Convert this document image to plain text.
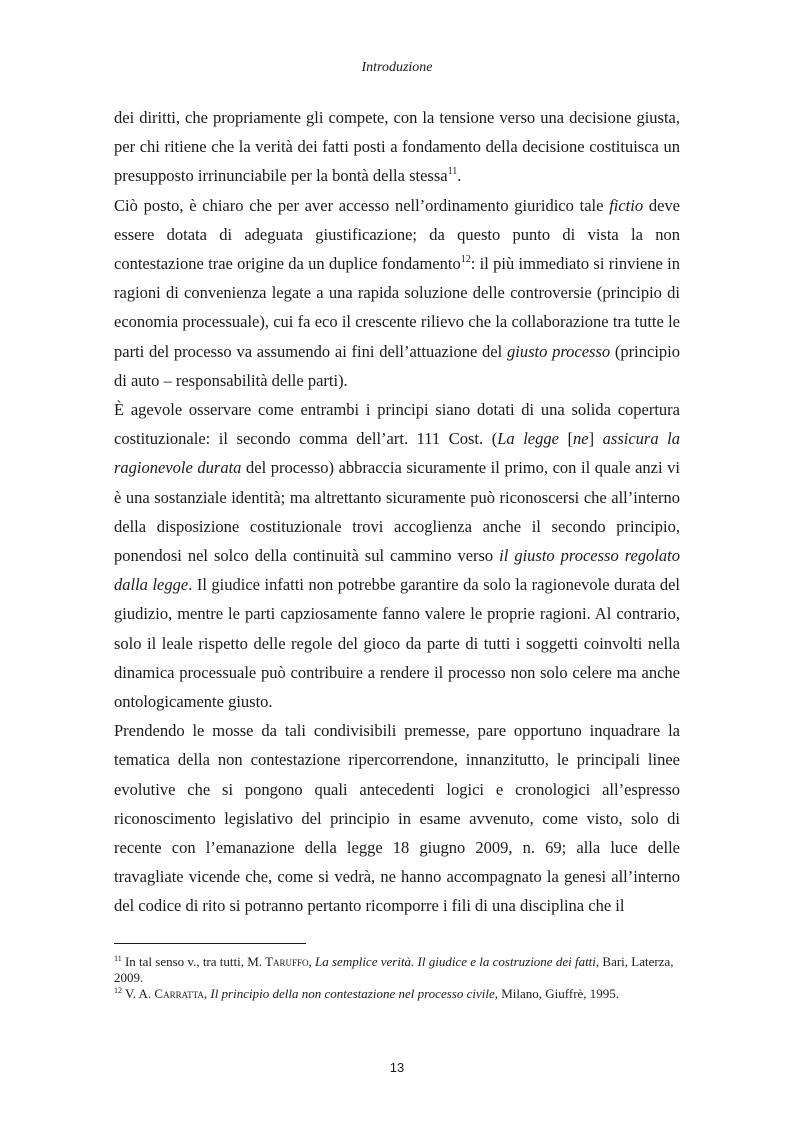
Introduzione

dei diritti, che propriamente gli compete, con la tensione verso una decisione giusta, per chi ritiene che la verità dei fatti posti a fondamento della decisione costituisca un presupposto irrinunciabile per la bontà della stessa$^{11}$.

Ciò posto, è chiaro che per aver accesso nell’ordinamento giuridico tale fictio deve essere dotata di adeguata giustificazione; da questo punto di vista la non contestazione trae origine da un duplice fondamento$^{12}$: il più immediato si rinviene in ragioni di convenienza legate a una rapida soluzione delle controversie (principio di economia processuale), cui fa eco il crescente rilievo che la collaborazione tra tutte le parti del processo va assumendo ai fini dell’attuazione del giusto processo (principio di auto – responsabilità delle parti).

È agevole osservare come entrambi i principi siano dotati di una solida copertura costituzionale: il secondo comma dell’art. 111 Cost. (La legge [ne] assicura la ragionevole durata del processo) abbraccia sicuramente il primo, con il quale anzi vi è una sostanziale identità; ma altrettanto sicuramente può riconoscersi che all’interno della disposizione costituzionale trovi accoglienza anche il secondo principio, ponendosi nel solco della continuità sul cammino verso il giusto processo regolato dalla legge. Il giudice infatti non potrebbe garantire da solo la ragionevole durata del giudizio, mentre le parti capziosamente fanno valere le proprie ragioni. Al contrario, solo il leale rispetto delle regole del gioco da parte di tutti i soggetti coinvolti nella dinamica processuale può contribuire a rendere il processo non solo celere ma anche ontologicamente giusto.

Prendendo le mosse da tali condivisibili premesse, pare opportuno inquadrare la tematica della non contestazione ripercorrendone, innanzitutto, le principali linee evolutive che si pongono quali antecedenti logici e cronologici all’espresso riconoscimento legislativo del principio in esame avvenuto, come visto, solo di recente con l’emanazione della legge 18 giugno 2009, n. 69; alla luce delle travagliate vicende che, come si vedrà, ne hanno accompagnato la genesi all’interno del codice di rito si potranno pertanto ricomporre i fili di una disciplina che il

$^{11}$ In tal senso v., tra tutti, M. Taruffo, La semplice verità. Il giudice e la costruzione dei fatti, Bari, Laterza, 2009.

$^{12}$ V. A. Carratta, Il principio della non contestazione nel processo civile, Milano, Giuffrè, 1995.

13
